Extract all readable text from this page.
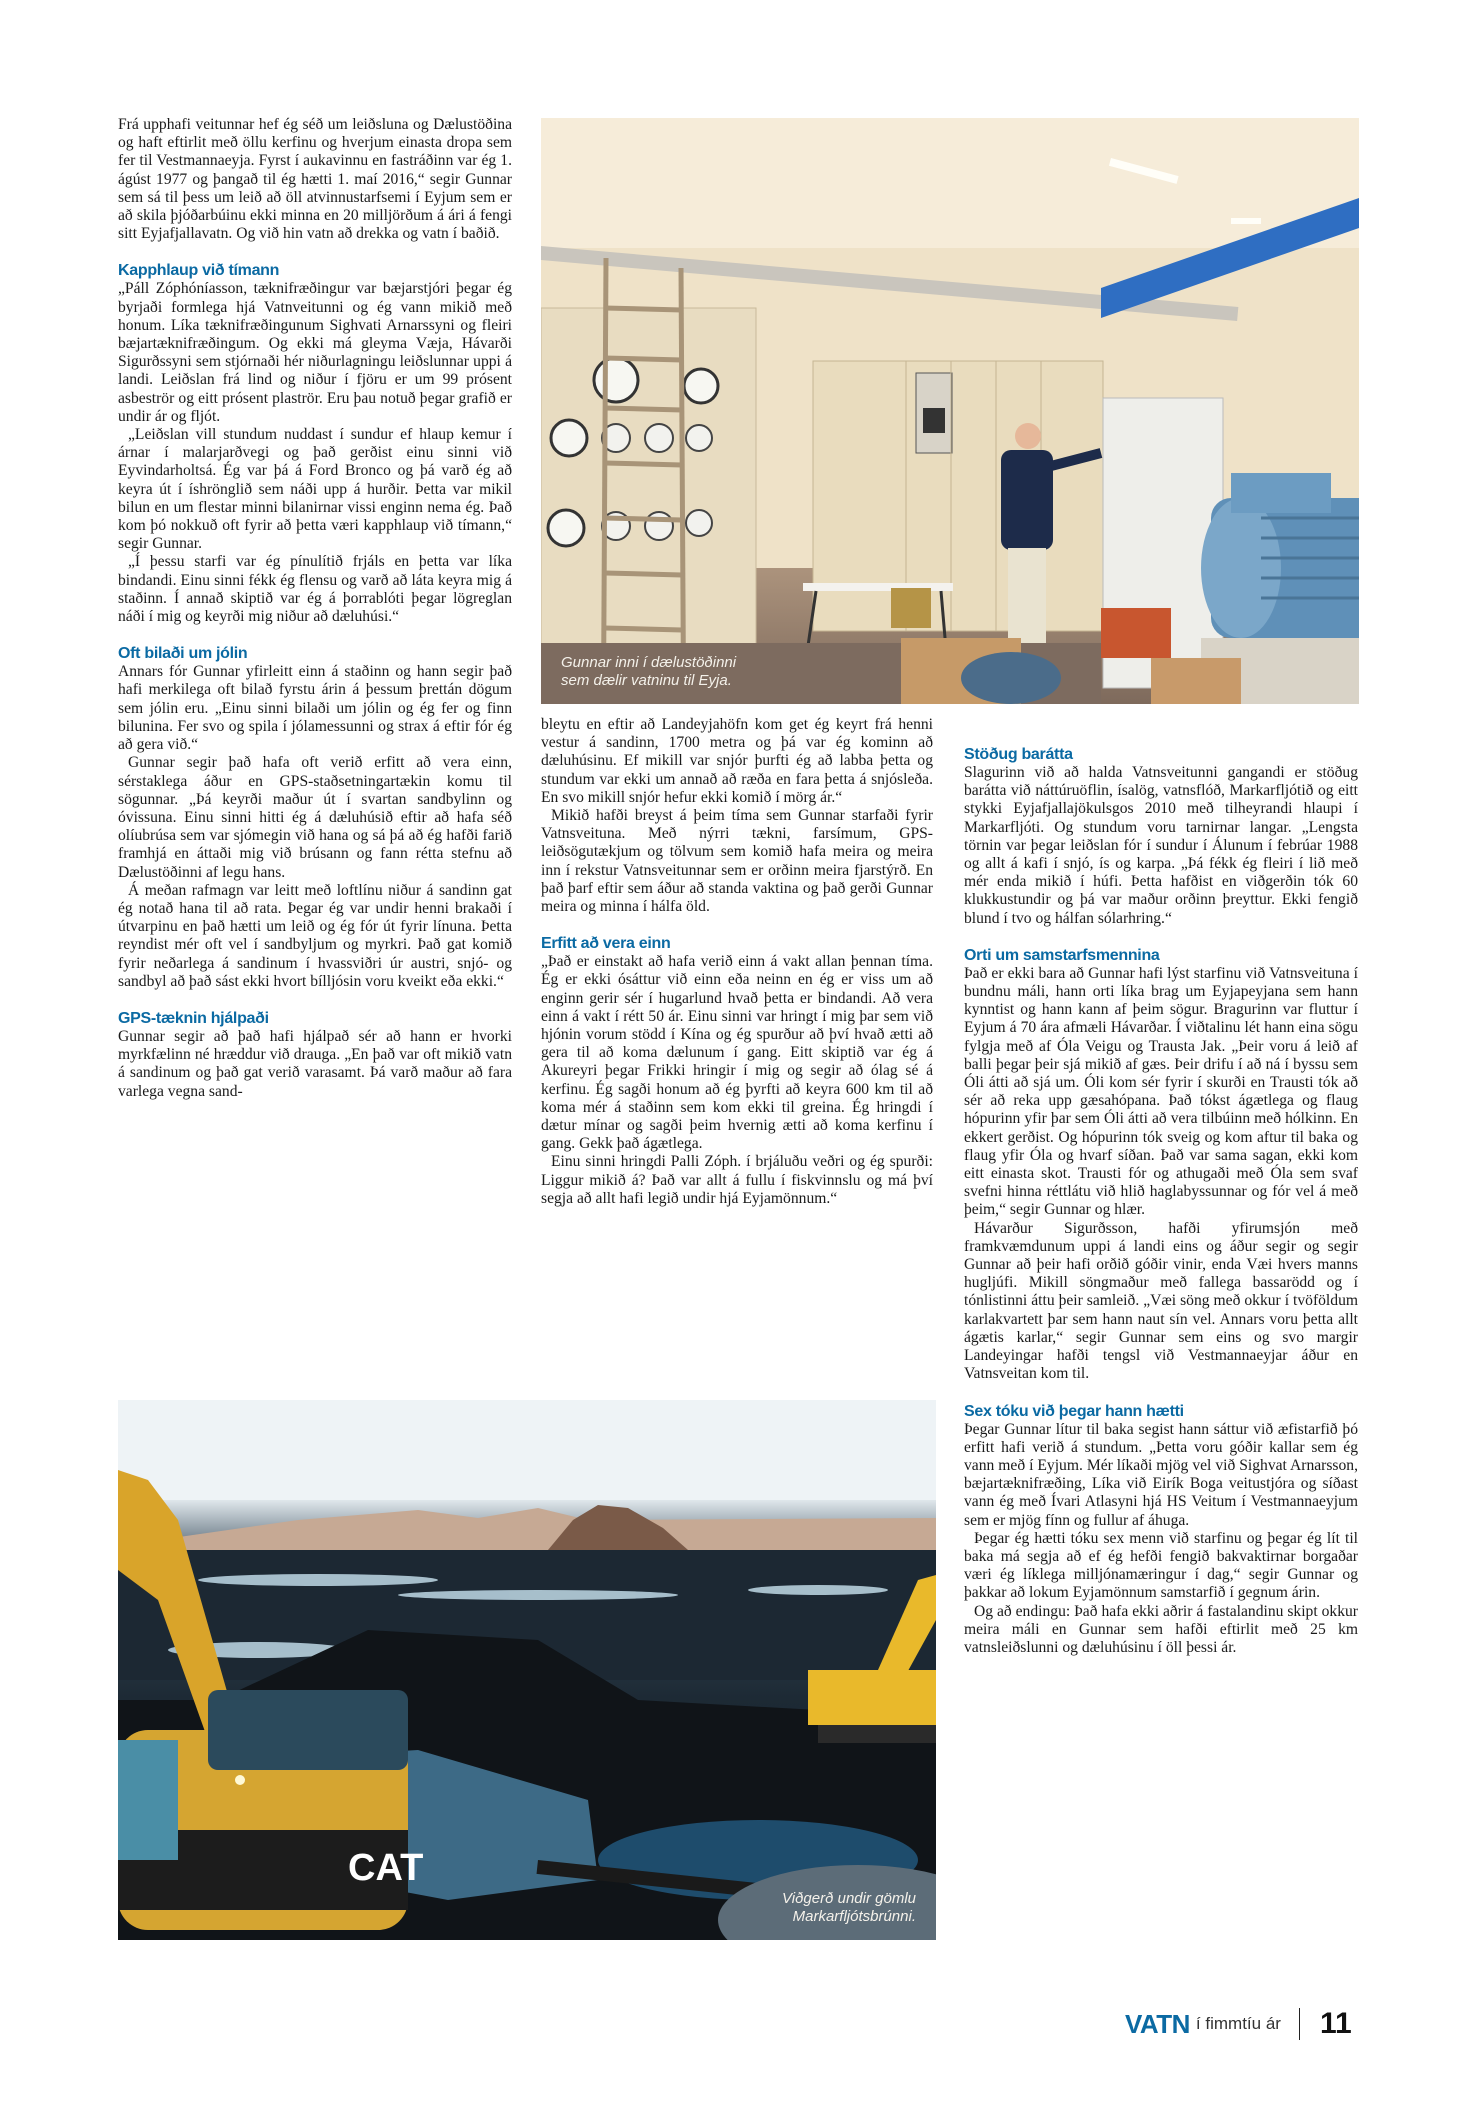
Frá upphafi veitunnar hef ég séð um leiðsluna og Dælustöðina og haft eftirlit með öllu kerfinu og hverjum einasta dropa sem fer til Vestmannaeyja. Fyrst í aukavinnu en fastráðinn var ég 1. ágúst 1977 og þangað til ég hætti 1. maí 2016,“ segir Gunnar sem sá til þess um leið að öll atvinnustarfsemi í Eyjum sem er að skila þjóðarbúinu ekki minna en 20 milljörðum á ári á fengi sitt Eyjafjallavatn. Og við hin vatn að drekka og vatn í baðið.

Kapphlaup við tímann

„Páll Zóphóníasson, tæknifræðingur var bæjarstjóri þegar ég byrjaði formlega hjá Vatnveitunni og ég vann mikið með honum. Líka tæknifræðingunum Sighvati Arnarssyni og fleiri bæjartæknifræðingum. Og ekki má gleyma Væja, Hávarði Sigurðssyni sem stjórnaði hér niðurlagningu leiðslunnar uppi á landi. Leiðslan frá lind og niður í fjöru er um 99 prósent asbeströr og eitt prósent plaströr. Eru þau notuð þegar grafið er undir ár og fljót.

„Leiðslan vill stundum nuddast í sundur ef hlaup kemur í árnar í malarjarðvegi og það gerðist einu sinni við Eyvindarholtsá. Ég var þá á Ford Bronco og þá varð ég að keyra út í íshrönglið sem náði upp á hurðir. Þetta var mikil bilun en um flestar minni bilanirnar vissi enginn nema ég. Það kom þó nokkuð oft fyrir að þetta væri kapphlaup við tímann,“ segir Gunnar.

„Í þessu starfi var ég pínulítið frjáls en þetta var líka bindandi. Einu sinni fékk ég flensu og varð að láta keyra mig á staðinn. Í annað skiptið var ég á þorrablóti þegar lögreglan náði í mig og keyrði mig niður að dæluhúsi.“

Oft bilaði um jólin

Annars fór Gunnar yfirleitt einn á staðinn og hann segir það hafi merkilega oft bilað fyrstu árin á þessum þrettán dögum sem jólin eru. „Einu sinni bilaði um jólin og ég fer og finn bilunina. Fer svo og spila í jólamessunni og strax á eftir fór ég að gera við.“

Gunnar segir það hafa oft verið erfitt að vera einn, sérstaklega áður en GPS-staðsetningartækin komu til sögunnar. „Þá keyrði maður út í svartan sandbylinn og óvissuna. Einu sinni hitti ég á dæluhúsið eftir að hafa séð olíubrúsa sem var sjómegin við hana og sá þá að ég hafði farið framhjá en áttaði mig við brúsann og fann rétta stefnu að Dælustöðinni af legu hans.

Á meðan rafmagn var leitt með loftlínu niður á sandinn gat ég notað hana til að rata. Þegar ég var undir henni brakaði í útvarpinu en það hætti um leið og ég fór út fyrir línuna. Þetta reyndist mér oft vel í sandbyljum og myrkri. Það gat komið fyrir neðarlega á sandinum í hvassviðri úr austri, snjó- og sandbyl að það sást ekki hvort bílljósin voru kveikt eða ekki.“

GPS-tæknin hjálpaði

Gunnar segir að það hafi hjálpað sér að hann er hvorki myrkfælinn né hræddur við drauga. „En það var oft mikið vatn á sandinum og það gat verið varasamt. Þá varð maður að fara varlega vegna sand-

Gunnar inni í dælustöðinni
sem dælir vatninu til Eyja.

bleytu en eftir að Landeyjahöfn kom get ég keyrt frá henni vestur á sandinn, 1700 metra og þá var ég kominn að dæluhúsinu. Ef mikill var snjór þurfti ég að labba þetta og stundum var ekki um annað að ræða en fara þetta á snjósleða. En svo mikill snjór hefur ekki komið í mörg ár.“

Mikið hafði breyst á þeim tíma sem Gunnar starfaði fyrir Vatnsveituna. Með nýrri tækni, farsímum, GPS-leiðsögutækjum og tölvum sem komið hafa meira og meira inn í rekstur Vatnsveitunnar sem er orðinn meira fjarstýrð. En það þarf eftir sem áður að standa vaktina og það gerði Gunnar meira og minna í hálfa öld.

Erfitt að vera einn

„Það er einstakt að hafa verið einn á vakt allan þennan tíma. Ég er ekki ósáttur við einn eða neinn en ég er viss um að enginn gerir sér í hugarlund hvað þetta er bindandi. Að vera einn á vakt í rétt 50 ár. Einu sinni var hringt í mig þar sem við hjónin vorum stödd í Kína og ég spurður að því hvað ætti að gera til að koma dælunum í gang. Eitt skiptið var ég á Akureyri þegar Frikki hringir í mig og segir að ólag sé á kerfinu. Ég sagði honum að ég þyrfti að keyra 600 km til að koma mér á staðinn sem kom ekki til greina. Ég hringdi í dætur mínar og sagði þeim hvernig ætti að koma kerfinu í gang. Gekk það ágætlega.

Einu sinni hringdi Palli Zóph. í brjáluðu veðri og ég spurði: Liggur mikið á? Það var allt á fullu í fiskvinnslu og má því segja að allt hafi legið undir hjá Eyjamönnum.“

Stöðug barátta

Slagurinn við að halda Vatnsveitunni gangandi er stöðug barátta við náttúruöflin, ísalög, vatnsflóð, Markarfljótið og eitt stykki Eyjafjallajökulsgos 2010 með tilheyrandi hlaupi í Markarfljóti. Og stundum voru tarnirnar langar. „Lengsta törnin var þegar leiðslan fór í sundur í Álunum í febrúar 1988 og allt á kafi í snjó, ís og karpa. „Þá fékk ég fleiri í lið með mér enda mikið í húfi. Þetta hafðist en viðgerðin tók 60 klukkustundir og þá var maður orðinn þreyttur. Ekki fengið blund í tvo og hálfan sólarhring.“

Orti um samstarfsmennina

Það er ekki bara að Gunnar hafi lýst starfinu við Vatnsveituna í bundnu máli, hann orti líka brag um Eyjapeyjana sem hann kynntist og hann kann af þeim sögur. Bragurinn var fluttur í Eyjum á 70 ára afmæli Hávarðar. Í viðtalinu lét hann eina sögu fylgja með af Óla Veigu og Trausta Jak. „Þeir voru á leið af balli þegar þeir sjá mikið af gæs. Þeir drifu í að ná í byssu sem Óli átti að sjá um. Óli kom sér fyrir í skurði en Trausti tók að sér að reka upp gæsahópana. Það tókst ágætlega og flaug hópurinn yfir þar sem Óli átti að vera tilbúinn með hólkinn. En ekkert gerðist. Og hópurinn tók sveig og kom aftur til baka og flaug yfir Óla og hvarf síðan. Það var sama sagan, ekki kom eitt einasta skot. Trausti fór og athugaði með Óla sem svaf svefni hinna réttlátu við hlið haglabyssunnar og fór vel á með þeim,“ segir Gunnar og hlær.

Hávarður Sigurðsson, hafði yfirumsjón með framkvæmdunum uppi á landi eins og áður segir og segir Gunnar að þeir hafi orðið góðir vinir, enda Væi hvers manns hugljúfi. Mikill söngmaður með fallega bassarödd og í tónlistinni áttu þeir samleið. „Væi söng með okkur í tvöföldum karlakvartett þar sem hann naut sín vel. Annars voru þetta allt ágætis karlar,“ segir Gunnar sem eins og svo margir Landeyingar hafði tengsl við Vestmannaeyjar áður en Vatnsveitan kom til.

Sex tóku við þegar hann hætti

Þegar Gunnar lítur til baka segist hann sáttur við æfistarfið þó erfitt hafi verið á stundum. „Þetta voru góðir kallar sem ég vann með í Eyjum. Mér líkaði mjög vel við Sighvat Arnarsson, bæjartæknifræðing, Líka við Eirík Boga veitustjóra og síðast vann ég með Ívari Atlasyni hjá HS Veitum í Vestmannaeyjum sem er mjög fínn og fullur af áhuga.

Þegar ég hætti tóku sex menn við starfinu og þegar ég lít til baka má segja að ef ég hefði fengið bakvaktirnar borgaðar væri ég líklega milljónamæringur í dag,“ segir Gunnar og þakkar að lokum Eyjamönnum samstarfið í gegnum árin.

Og að endingu: Það hafa ekki aðrir á fastalandinu skipt okkur meira máli en Gunnar sem hafði eftirlit með 25 km vatnsleiðslunni og dæluhúsinu í öll þessi ár.

CAT
Viðgerð undir gömlu
Markarfljótsbrúnni.
VATN í fimmtíu ár 11
